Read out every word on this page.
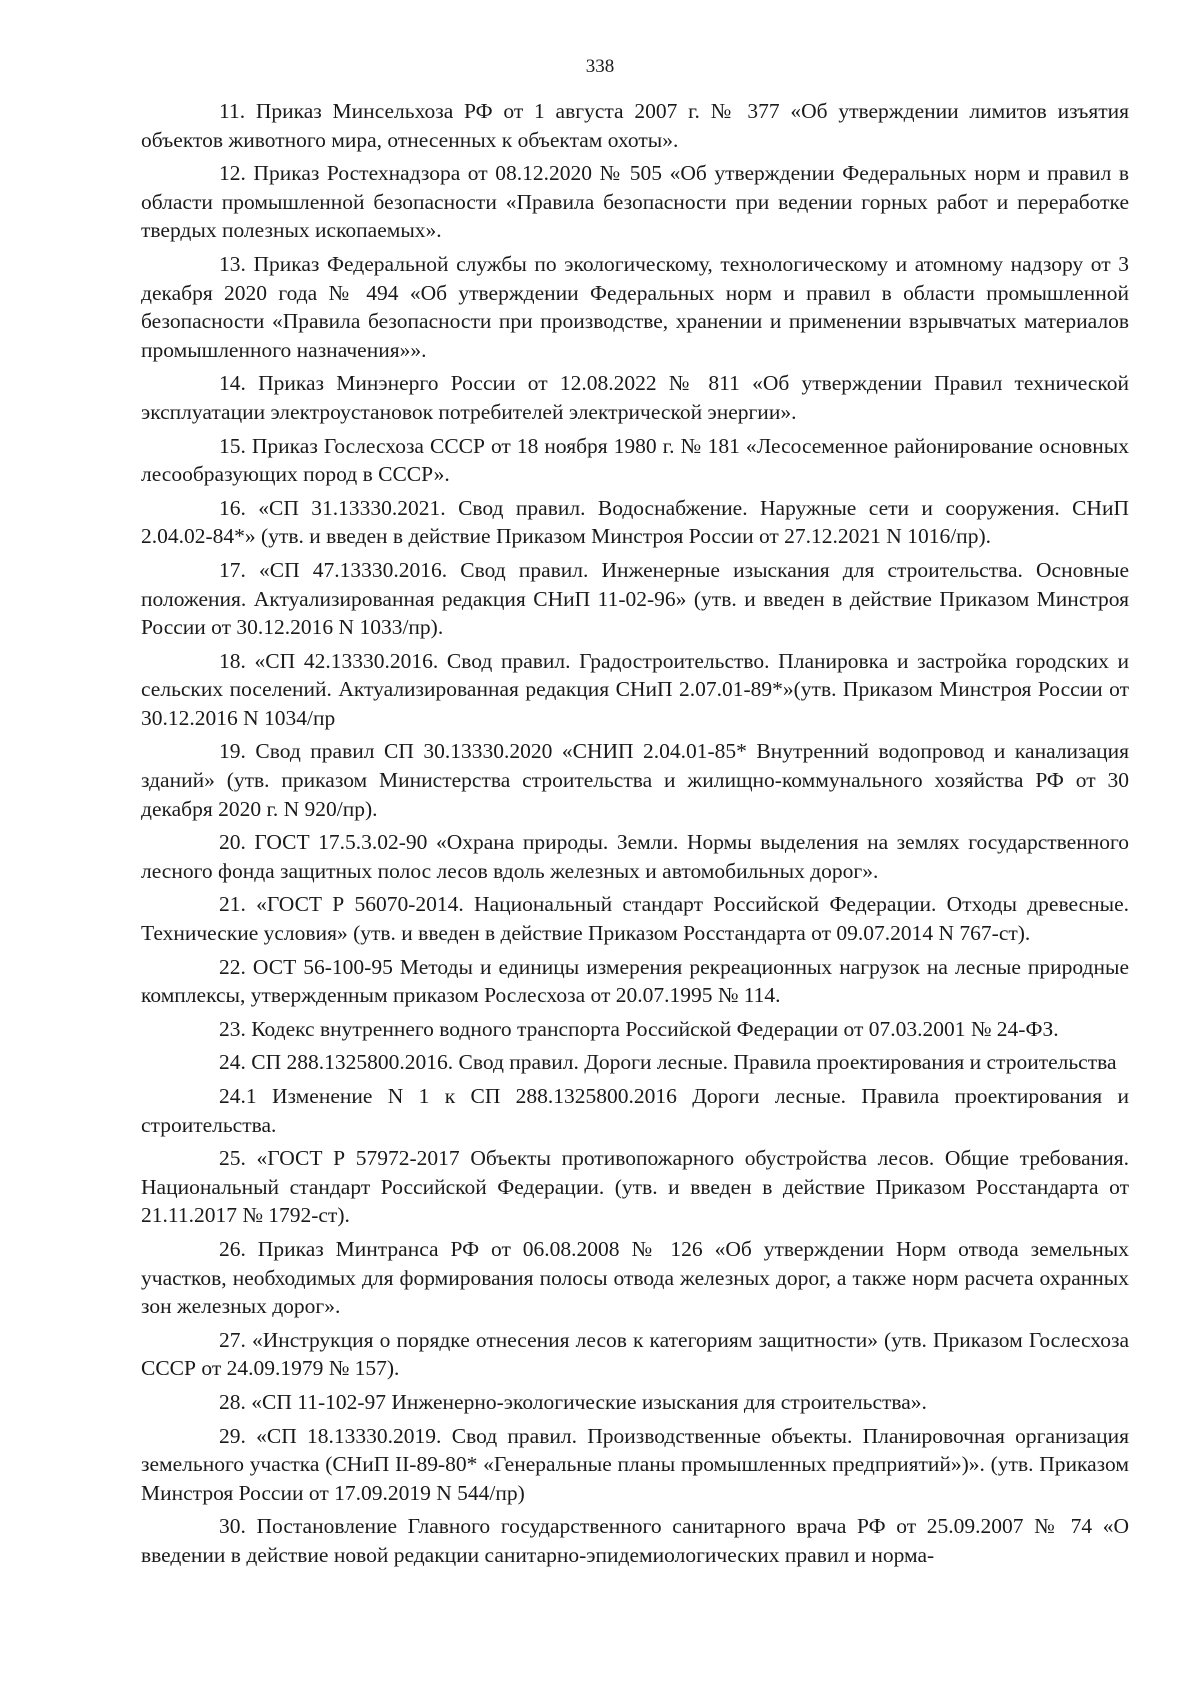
338

11. Приказ Минсельхоза РФ от 1 августа 2007 г. № 377 «Об утверждении лимитов изъятия объектов животного мира, отнесенных к объектам охоты».

12. Приказ Ростехнадзора от 08.12.2020 № 505 «Об утверждении Федеральных норм и правил в области промышленной безопасности «Правила безопасности при ведении горных работ и переработке твердых полезных ископаемых».

13. Приказ Федеральной службы по экологическому, технологическому и атомному надзору от 3 декабря 2020 года № 494 «Об утверждении Федеральных норм и правил в области промышленной безопасности «Правила безопасности при производстве, хранении и применении взрывчатых материалов промышленного назначения»».

14. Приказ Минэнерго России от 12.08.2022 № 811 «Об утверждении Правил технической эксплуатации электроустановок потребителей электрической энергии».

15. Приказ Гослесхоза СССР от 18 ноября 1980 г. № 181 «Лесосеменное районирование основных лесообразующих пород в СССР».

16. «СП 31.13330.2021. Свод правил. Водоснабжение. Наружные сети и сооружения. СНиП 2.04.02-84*» (утв. и введен в действие Приказом Минстроя России от 27.12.2021 N 1016/пр).

17. «СП 47.13330.2016. Свод правил. Инженерные изыскания для строительства. Основные положения. Актуализированная редакция СНиП 11-02-96» (утв. и введен в действие Приказом Минстроя России от 30.12.2016 N 1033/пр).

18. «СП 42.13330.2016. Свод правил. Градостроительство. Планировка и застройка городских и сельских поселений. Актуализированная редакция СНиП 2.07.01-89*»(утв. Приказом Минстроя России от 30.12.2016 N 1034/пр

19. Свод правил СП 30.13330.2020 «СНИП 2.04.01-85* Внутренний водопровод и канализация зданий» (утв. приказом Министерства строительства и жилищно-коммунального хозяйства РФ от 30 декабря 2020 г. N 920/пр).

20. ГОСТ 17.5.3.02-90 «Охрана природы. Земли. Нормы выделения на землях государственного лесного фонда защитных полос лесов вдоль железных и автомобильных дорог».

21. «ГОСТ Р 56070-2014. Национальный стандарт Российской Федерации. Отходы древесные. Технические условия» (утв. и введен в действие Приказом Росстандарта от 09.07.2014 N 767-ст).

22. ОСТ 56-100-95 Методы и единицы измерения рекреационных нагрузок на лесные природные комплексы, утвержденным приказом Рослесхоза от 20.07.1995 № 114.

23. Кодекс внутреннего водного транспорта Российской Федерации от 07.03.2001 № 24-ФЗ.

24. СП 288.1325800.2016. Свод правил. Дороги лесные. Правила проектирования и строительства

24.1 Изменение N 1 к СП 288.1325800.2016 Дороги лесные. Правила проектирования и строительства.

25. «ГОСТ Р 57972-2017 Объекты противопожарного обустройства лесов. Общие требования. Национальный стандарт Российской Федерации. (утв. и введен в действие Приказом Росстандарта от 21.11.2017 № 1792-ст).

26. Приказ Минтранса РФ от 06.08.2008 № 126 «Об утверждении Норм отвода земельных участков, необходимых для формирования полосы отвода железных дорог, а также норм расчета охранных зон железных дорог».

27. «Инструкция о порядке отнесения лесов к категориям защитности» (утв. Приказом Гослесхоза СССР от 24.09.1979 № 157).

28. «СП 11-102-97 Инженерно-экологические изыскания для строительства».

29. «СП 18.13330.2019. Свод правил. Производственные объекты. Планировочная организация земельного участка (СНиП II-89-80* «Генеральные планы промышленных предприятий»)». (утв. Приказом Минстроя России от 17.09.2019 N 544/пр)

30. Постановление Главного государственного санитарного врача РФ от 25.09.2007 № 74 «О введении в действие новой редакции санитарно-эпидемиологических правил и норма-
